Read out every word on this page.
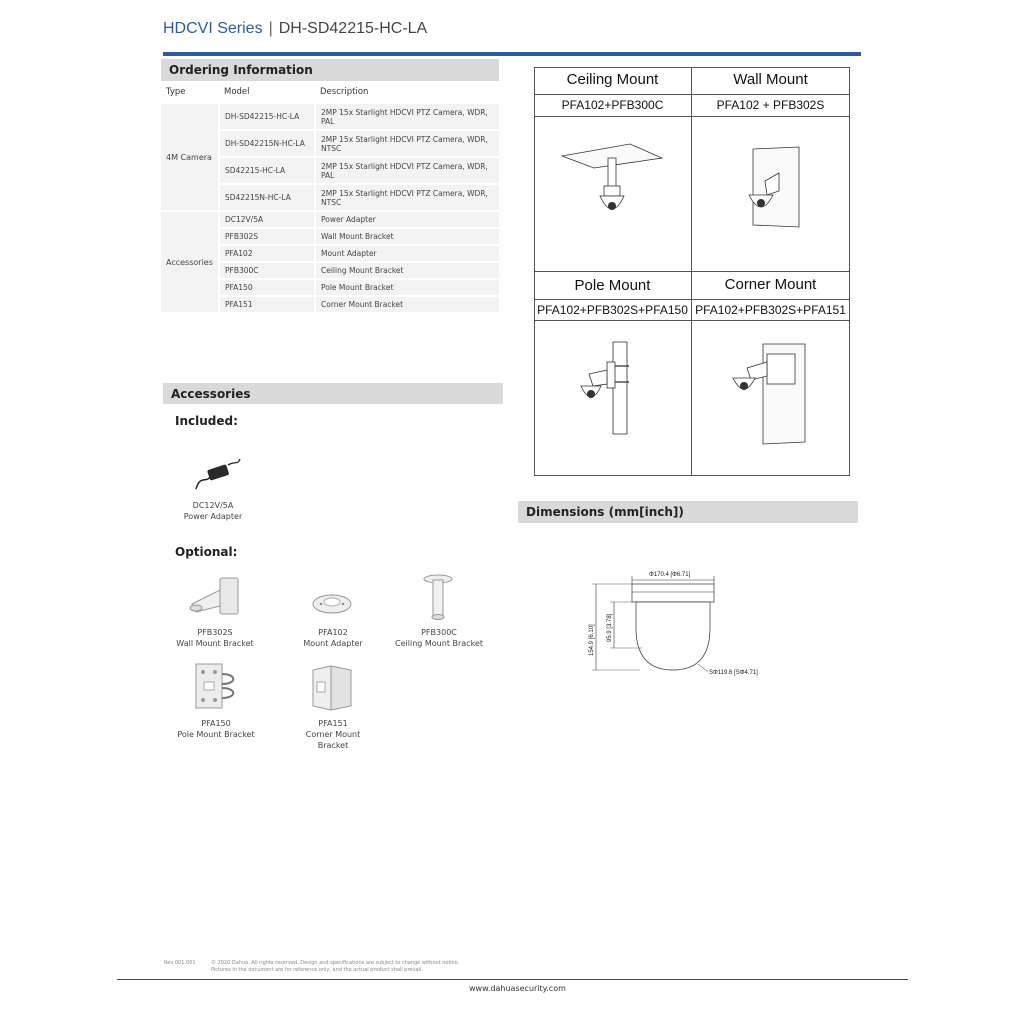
HDCVI Series | DH-SD42215-HC-LA
Ordering Information
Type	Model	Description
4M Camera	DH-SD42215-HC-LA	2MP 15x Starlight HDCVI PTZ Camera, WDR, PAL
	DH-SD42215N-HC-LA	2MP 15x Starlight HDCVI PTZ Camera, WDR, NTSC
	SD42215-HC-LA	2MP 15x Starlight HDCVI PTZ Camera, WDR, PAL
	SD42215N-HC-LA	2MP 15x Starlight HDCVI PTZ Camera, WDR, NTSC
Accessories	DC12V/5A	Power Adapter
	PFB302S	Wall Mount Bracket
	PFA102	Mount Adapter
	PFB300C	Ceiling Mount Bracket
	PFA150	Pole Mount Bracket
	PFA151	Corner Mount Bracket
Accessories
Included:
DC12V/5A
Power Adapter
Optional:
PFB302S
Wall Mount Bracket
PFA102
Mount Adapter
PFB300C
Ceiling Mount Bracket
PFA150
Pole Mount Bracket
PFA151
Corner Mount
Bracket
Ceiling Mount	Wall Mount
PFA102+PFB300C	PFA102 + PFB302S
Pole Mount	Corner Mount
PFA102+PFB302S+PFA150 PFA102+PFB302S+PFA151
Dimensions (mm[inch])
Φ170.4 [Φ6.71]
154.9 [6.10] 95.9 [3.78]
SΦ119.6 [SΦ4.71]
Rev 001.001	© 2020 Dahua. All rights reserved. Design and specifications are subject to change without notice.
Pictures in the document are for reference only, and the actual product shall prevail.
www.dahuasecurity.com
